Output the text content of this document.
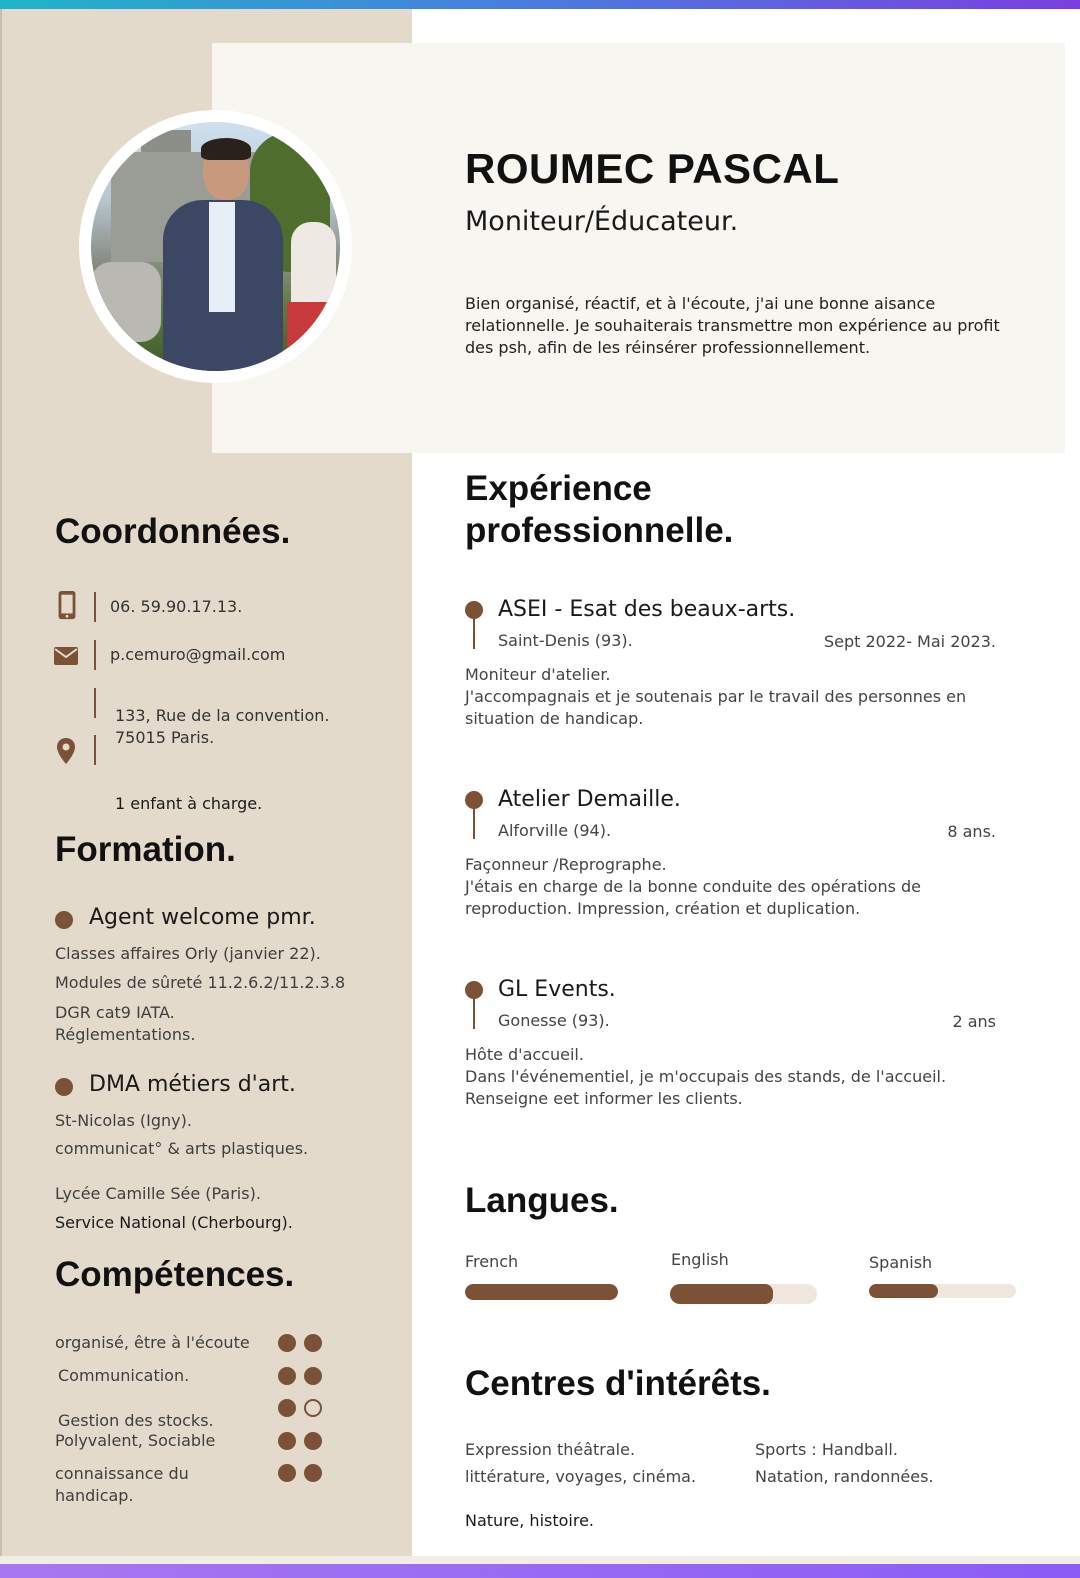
ROUMEC PASCAL
Moniteur/Éducateur.
Bien organisé, réactif, et à l'écoute, j'ai une bonne aisance relationnelle. Je souhaiterais transmettre mon expérience au profit des psh, afin de les réinsérer professionnellement.
Coordonnées.
06. 59.90.17.13.
p.cemuro@gmail.com
133, Rue de la convention.
75015 Paris.
1 enfant à charge.
Formation.
Agent welcome pmr.
Classes affaires Orly (janvier 22).
Modules de sûreté 11.2.6.2/11.2.3.8
DGR cat9 IATA.
Réglementations.
DMA métiers d'art.
St-Nicolas (Igny).
communicat° & arts plastiques.
Lycée Camille Sée (Paris).
Service National (Cherbourg).
Compétences.
organisé, être à l'écoute
Communication.
Gestion des stocks.
Polyvalent, Sociable
connaissance du
handicap.
Expérience
professionnelle.
ASEI - Esat des beaux-arts.
Saint-Denis (93).	Sept 2022- Mai 2023.
Moniteur d'atelier.
J'accompagnais et je soutenais par le travail des personnes en
situation de handicap.
Atelier Demaille.
Alforville (94).	8 ans.
Façonneur /Reprographe.
J'étais en charge de la bonne conduite des opérations de
reproduction. Impression, création et duplication.
GL Events.
Gonesse (93).	2 ans
Hôte d'accueil.
Dans l'événementiel, je m'occupais des stands, de l'accueil.
Renseigne eet informer les clients.
Langues.
French	English	Spanish
Centres d'intérêts.
Expression théâtrale.
littérature, voyages, cinéma.
Sports : Handball.
Natation, randonnées.
Nature, histoire.
